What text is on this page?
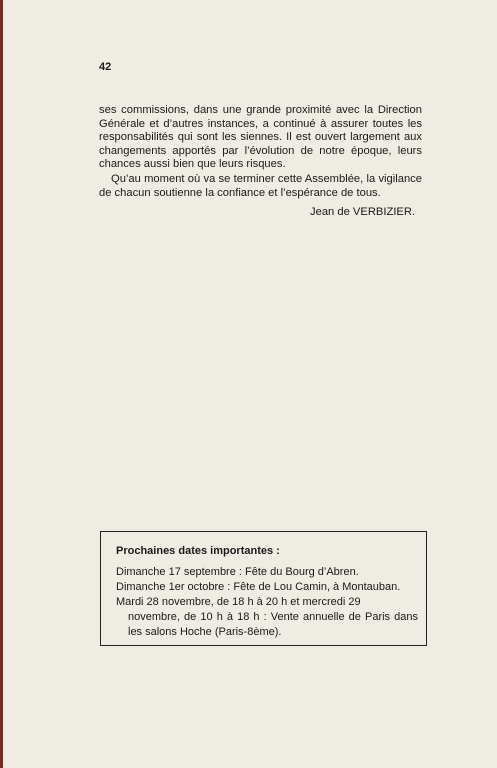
42

ses commissions, dans une grande proximité avec la Direction Générale et d’autres instances, a continué à assurer toutes les responsabilités qui sont les siennes. Il est ouvert largement aux changements apportés par l’évolution de notre époque, leurs chances aussi bien que leurs risques.

Qu’au moment où va se terminer cette Assemblée, la vigilance de chacun soutienne la confiance et l’espérance de tous.

Jean de VERBIZIER.
Prochaines dates importantes :

Dimanche 17 septembre : Fête du Bourg d’Abren.

Dimanche 1er octobre : Fête de Lou Camin, à Montauban.

Mardi 28 novembre, de 18 h à 20 h et mercredi 29
novembre, de 10 h à 18 h : Vente annuelle de Paris dans les salons Hoche (Paris-8ème).
